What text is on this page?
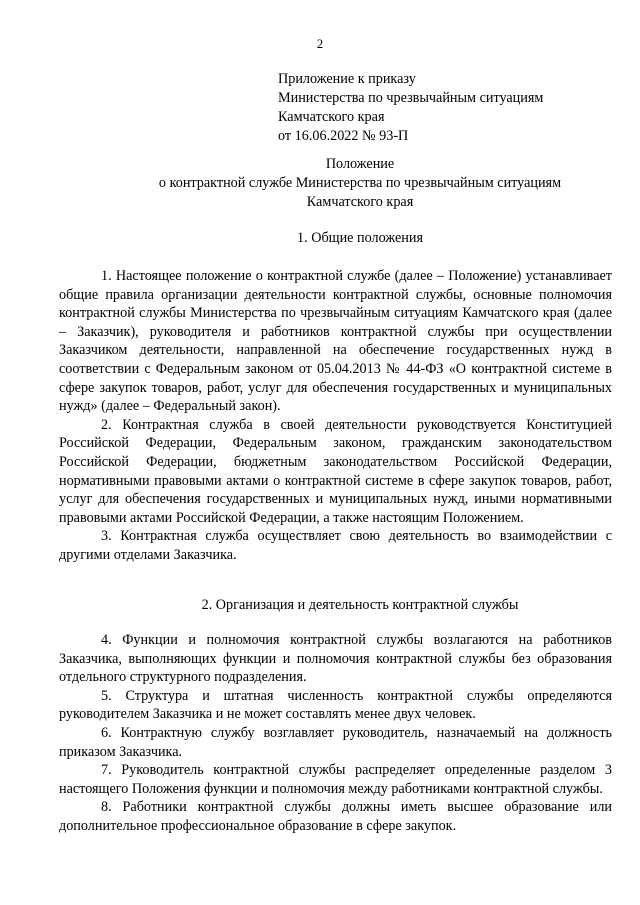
2
Приложение к приказу
Министерства по чрезвычайным ситуациям
Камчатского края
от 16.06.2022 № 93-П
Положение
о контрактной службе Министерства по чрезвычайным ситуациям
Камчатского края
1. Общие положения

1. Настоящее положение о контрактной службе (далее – Положение) устанавливает общие правила организации деятельности контрактной службы, основные полномочия контрактной службы Министерства по чрезвычайным ситуациям Камчатского края (далее – Заказчик), руководителя и работников контрактной службы при осуществлении Заказчиком деятельности, направленной на обеспечение государственных нужд в соответствии с Федеральным законом от 05.04.2013 № 44-ФЗ «О контрактной системе в сфере закупок товаров, работ, услуг для обеспечения государственных и муниципальных нужд» (далее – Федеральный закон).

2. Контрактная служба в своей деятельности руководствуется Конституцией Российской Федерации, Федеральным законом, гражданским законодательством Российской Федерации, бюджетным законодательством Российской Федерации, нормативными правовыми актами о контрактной системе в сфере закупок товаров, работ, услуг для обеспечения государственных и муниципальных нужд, иными нормативными правовыми актами Российской Федерации, а также настоящим Положением.

3. Контрактная служба осуществляет свою деятельность во взаимодействии с другими отделами Заказчика.

2. Организация и деятельность контрактной службы

4. Функции и полномочия контрактной службы возлагаются на работников Заказчика, выполняющих функции и полномочия контрактной службы без образования отдельного структурного подразделения.

5. Структура и штатная численность контрактной службы определяются руководителем Заказчика и не может составлять менее двух человек.

6. Контрактную службу возглавляет руководитель, назначаемый на должность приказом Заказчика.

7. Руководитель контрактной службы распределяет определенные разделом 3 настоящего Положения функции и полномочия между работниками контрактной службы.

8. Работники контрактной службы должны иметь высшее образование или дополнительное профессиональное образование в сфере закупок.
